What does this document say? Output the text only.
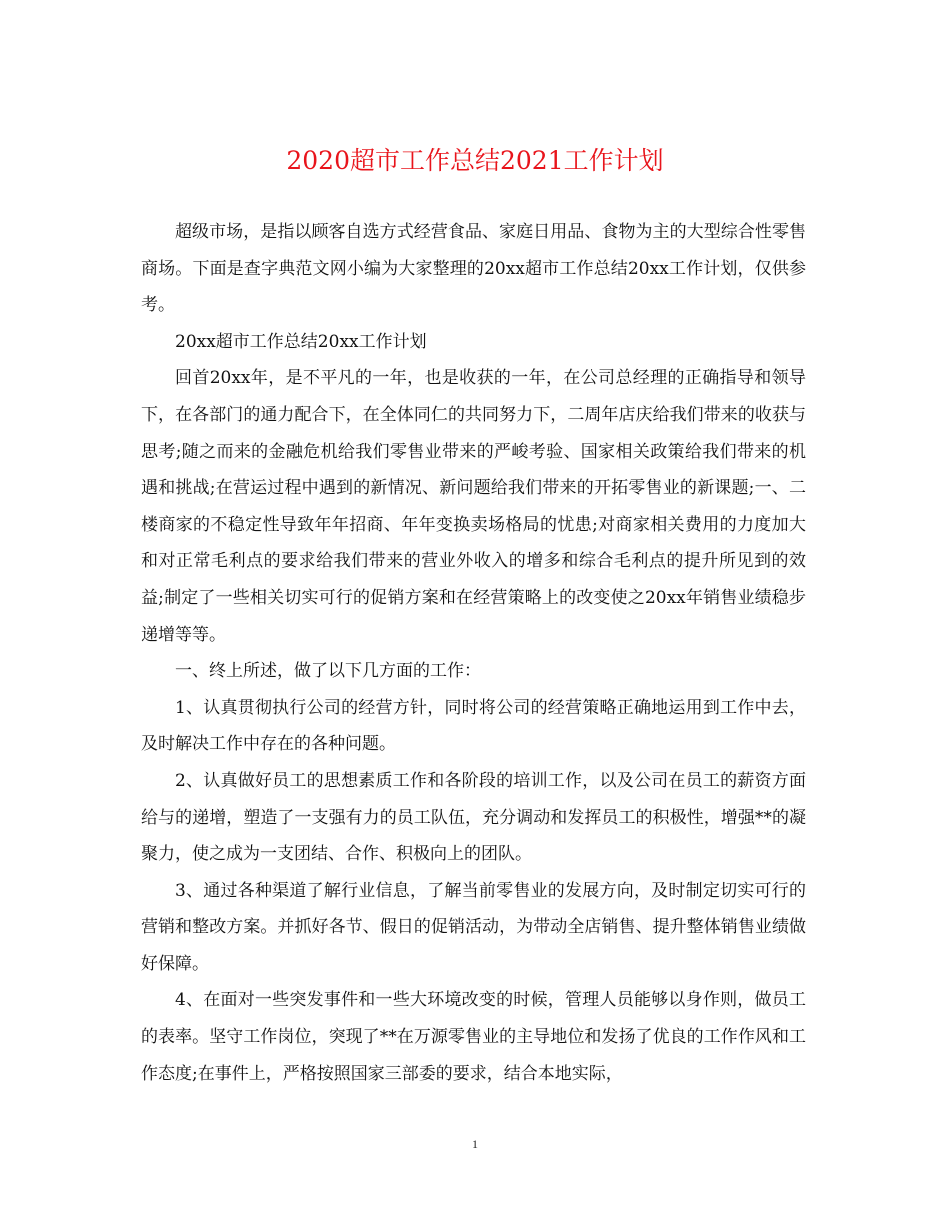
2020超市工作总结2021工作计划

超级市场，是指以顾客自选方式经营食品、家庭日用品、食物为主的大型综合性零售商场。下面是查字典范文网小编为大家整理的20xx超市工作总结20xx工作计划，仅供参考。

20xx超市工作总结20xx工作计划

回首20xx年，是不平凡的一年，也是收获的一年，在公司总经理的正确指导和领导下，在各部门的通力配合下，在全体同仁的共同努力下，二周年店庆给我们带来的收获与思考;随之而来的金融危机给我们零售业带来的严峻考验、国家相关政策给我们带来的机遇和挑战;在营运过程中遇到的新情况、新问题给我们带来的开拓零售业的新课题;一、二楼商家的不稳定性导致年年招商、年年变换卖场格局的忧患;对商家相关费用的力度加大和对正常毛利点的要求给我们带来的营业外收入的增多和综合毛利点的提升所见到的效益;制定了一些相关切实可行的促销方案和在经营策略上的改变使之20xx年销售业绩稳步递增等等。

一、终上所述，做了以下几方面的工作：

1、认真贯彻执行公司的经营方针，同时将公司的经营策略正确地运用到工作中去，及时解决工作中存在的各种问题。

2、认真做好员工的思想素质工作和各阶段的培训工作，以及公司在员工的薪资方面给与的递增，塑造了一支强有力的员工队伍，充分调动和发挥员工的积极性，增强**的凝聚力，使之成为一支团结、合作、积极向上的团队。

3、通过各种渠道了解行业信息，了解当前零售业的发展方向，及时制定切实可行的营销和整改方案。并抓好各节、假日的促销活动，为带动全店销售、提升整体销售业绩做好保障。

4、在面对一些突发事件和一些大环境改变的时候，管理人员能够以身作则，做员工的表率。坚守工作岗位，突现了**在万源零售业的主导地位和发扬了优良的工作作风和工作态度;在事件上，严格按照国家三部委的要求，结合本地实际，

1
